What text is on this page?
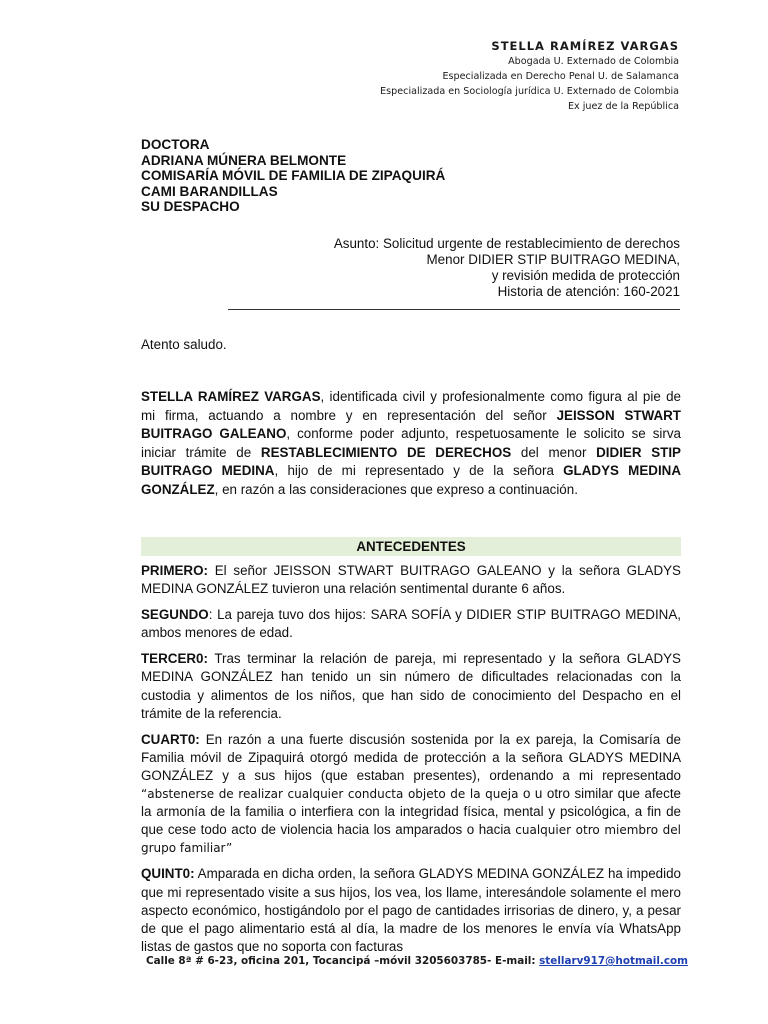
STELLA RAMÍREZ VARGAS
Abogada U. Externado de Colombia
Especializada en Derecho Penal U. de Salamanca
Especializada en Sociología jurídica U. Externado de Colombia
Ex juez de la República
DOCTORA
ADRIANA MÚNERA BELMONTE
COMISARÍA MÓVIL DE FAMILIA DE ZIPAQUIRÁ
CAMI BARANDILLAS
SU DESPACHO
Asunto: Solicitud urgente de restablecimiento de derechos
Menor DIDIER STIP BUITRAGO MEDINA,
y revisión medida de protección
Historia de atención: 160-2021
Atento saludo.
STELLA RAMÍREZ VARGAS, identificada civil y profesionalmente como figura al pie de mi firma, actuando a nombre y en representación del señor JEISSON STWART BUITRAGO GALEANO, conforme poder adjunto, respetuosamente le solicito se sirva iniciar trámite de RESTABLECIMIENTO DE DERECHOS del menor DIDIER STIP BUITRAGO MEDINA, hijo de mi representado y de la señora GLADYS MEDINA GONZÁLEZ, en razón a las consideraciones que expreso a continuación.
ANTECEDENTES

PRIMERO: El señor JEISSON STWART BUITRAGO GALEANO y la señora GLADYS MEDINA GONZÁLEZ tuvieron una relación sentimental durante 6 años.

SEGUNDO: La pareja tuvo dos hijos: SARA SOFÍA y DIDIER STIP BUITRAGO MEDINA, ambos menores de edad.

TERCER0: Tras terminar la relación de pareja, mi representado y la señora GLADYS MEDINA GONZÁLEZ han tenido un sin número de dificultades relacionadas con la custodia y alimentos de los niños, que han sido de conocimiento del Despacho en el trámite de la referencia.

CUART0: En razón a una fuerte discusión sostenida por la ex pareja, la Comisaría de Familia móvil de Zipaquirá otorgó medida de protección a la señora GLADYS MEDINA GONZÁLEZ y a sus hijos (que estaban presentes), ordenando a mi representado “abstenerse de realizar cualquier conducta objeto de la queja o u otro similar que afecte la armonía de la familia o interfiera con la integridad física, mental y psicológica, a fin de que cese todo acto de violencia hacia los amparados o hacia cualquier otro miembro del grupo familiar”

QUINT0: Amparada en dicha orden, la señora GLADYS MEDINA GONZÁLEZ ha impedido que mi representado visite a sus hijos, los vea, los llame, interesándole solamente el mero aspecto económico, hostigándolo por el pago de cantidades irrisorias de dinero, y, a pesar de que el pago alimentario está al día, la madre de los menores le envía vía WhatsApp listas de gastos que no soporta con facturas

Calle 8ª # 6-23, oficina 201, Tocancipá –móvil 3205603785- E-mail: stellarv917@hotmail.com
